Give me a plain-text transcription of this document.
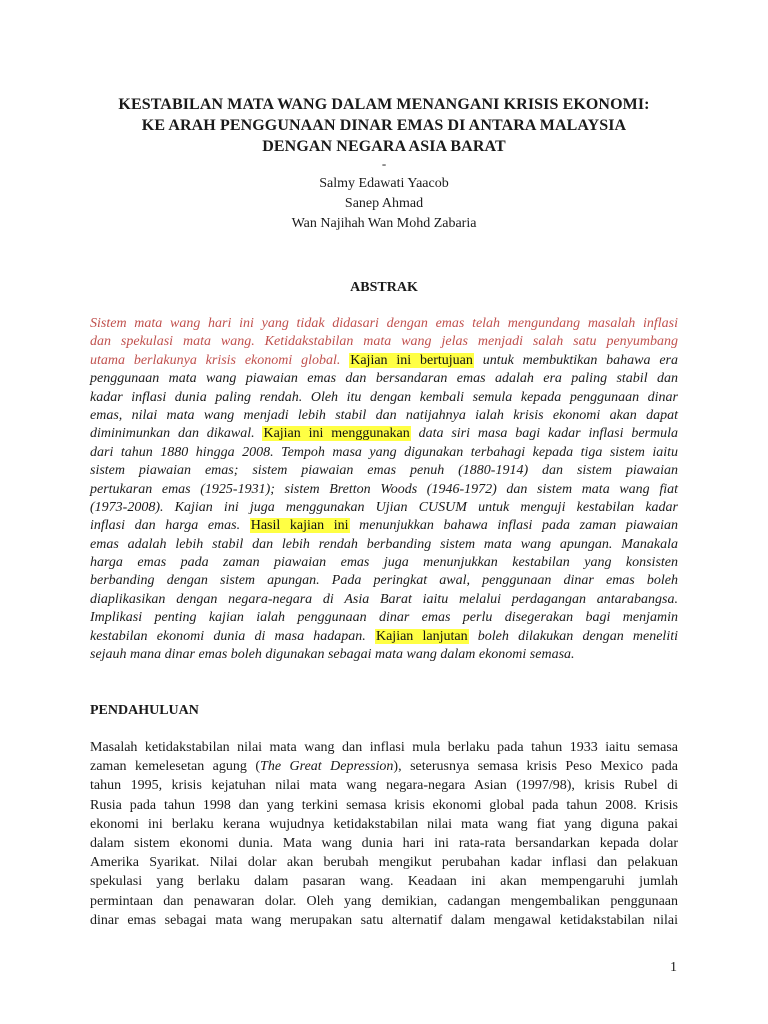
KESTABILAN MATA WANG DALAM MENANGANI KRISIS EKONOMI:
KE ARAH PENGGUNAAN DINAR EMAS DI ANTARA MALAYSIA
DENGAN NEGARA ASIA BARAT
-
Salmy Edawati Yaacob
Sanep Ahmad
Wan Najihah Wan Mohd Zabaria
ABSTRAK
Sistem mata wang hari ini yang tidak didasari dengan emas telah mengundang masalah inflasi
dan spekulasi mata wang. Ketidakstabilan mata wang jelas menjadi salah satu penyumbang
utama berlakunya krisis ekonomi global. Kajian ini bertujuan untuk membuktikan bahawa era
penggunaan mata wang piawaian emas dan bersandaran emas adalah era paling stabil dan
kadar inflasi dunia paling rendah. Oleh itu dengan kembali semula kepada penggunaan dinar
emas, nilai mata wang menjadi lebih stabil dan natijahnya ialah krisis ekonomi akan dapat
diminimunkan dan dikawal. Kajian ini menggunakan data siri masa bagi kadar inflasi bermula
dari tahun 1880 hingga 2008. Tempoh masa yang digunakan terbahagi kepada tiga sistem iaitu
sistem piawaian emas; sistem piawaian emas penuh (1880-1914) dan sistem piawaian
pertukaran emas (1925-1931); sistem Bretton Woods (1946-1972) dan sistem mata wang fiat
(1973-2008). Kajian ini juga menggunakan Ujian CUSUM untuk menguji kestabilan kadar
inflasi dan harga emas. Hasil kajian ini menunjukkan bahawa inflasi pada zaman piawaian
emas adalah lebih stabil dan lebih rendah berbanding sistem mata wang apungan. Manakala
harga emas pada zaman piawaian emas juga menunjukkan kestabilan yang konsisten
berbanding dengan sistem apungan. Pada peringkat awal, penggunaan dinar emas boleh
diaplikasikan dengan negara-negara di Asia Barat iaitu melalui perdagangan antarabangsa.
Implikasi penting kajian ialah penggunaan dinar emas perlu disegerakan bagi menjamin
kestabilan ekonomi dunia di masa hadapan. Kajian lanjutan boleh dilakukan dengan meneliti
sejauh mana dinar emas boleh digunakan sebagai mata wang dalam ekonomi semasa.
PENDAHULUAN
Masalah ketidakstabilan nilai mata wang dan inflasi mula berlaku pada tahun 1933 iaitu semasa
zaman kemelesetan agung (The Great Depression), seterusnya semasa krisis Peso Mexico pada
tahun 1995, krisis kejatuhan nilai mata wang negara-negara Asian (1997/98), krisis Rubel di
Rusia pada tahun 1998 dan yang terkini semasa krisis ekonomi global pada tahun 2008. Krisis
ekonomi ini berlaku kerana wujudnya ketidakstabilan nilai mata wang fiat yang diguna pakai
dalam sistem ekonomi dunia. Mata wang dunia hari ini rata-rata bersandarkan kepada dolar
Amerika Syarikat. Nilai dolar akan berubah mengikut perubahan kadar inflasi dan pelakuan
spekulasi yang berlaku dalam pasaran wang. Keadaan ini akan mempengaruhi jumlah
permintaan dan penawaran dolar. Oleh yang demikian, cadangan mengembalikan penggunaan
dinar emas sebagai mata wang merupakan satu alternatif dalam mengawal ketidakstabilan nilai
1
